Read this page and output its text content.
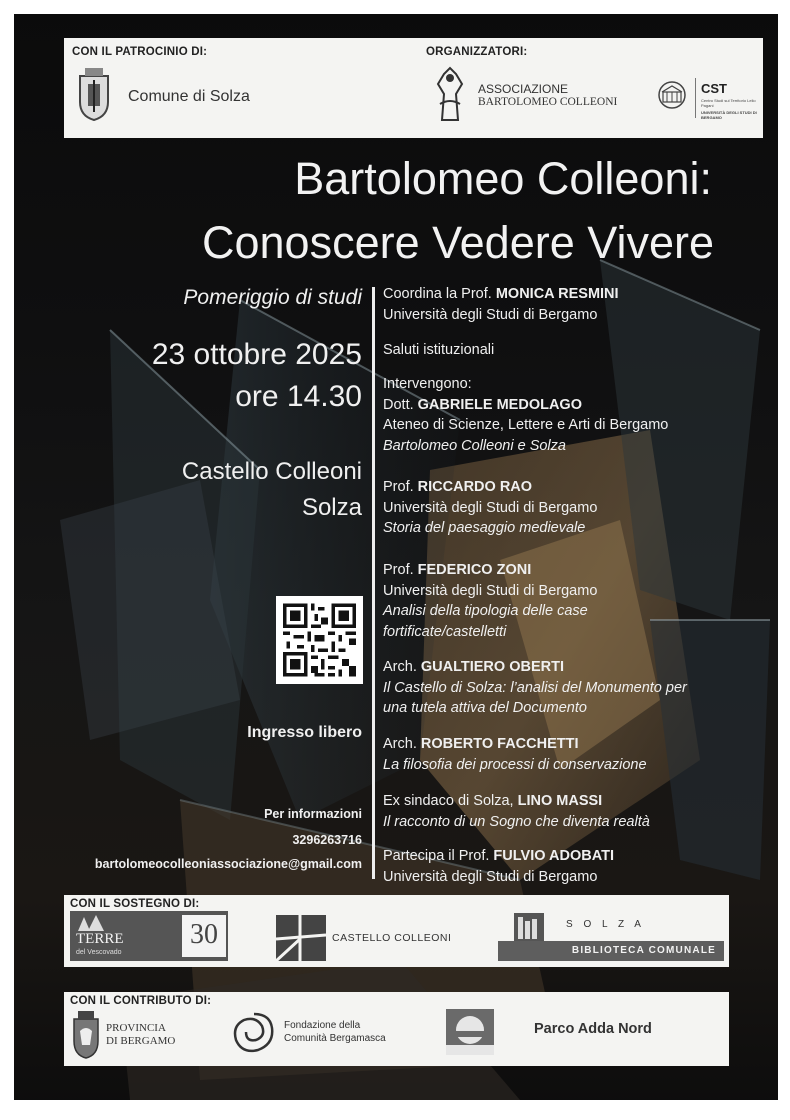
CON IL PATROCINIO DI:
Comune di Solza
ORGANIZZATORI:
ASSOCIAZIONE
BARTOLOMEO COLLEONI
CST
Centro Studi sul Territorio Lelio Pagani
UNIVERSITÀ DEGLI STUDI DI BERGAMO
Bartolomeo Colleoni:
Conoscere Vedere Vivere
Pomeriggio di studi
23 ottobre 2025
ore 14.30
Castello Colleoni
Solza
Ingresso libero
Per informazioni
3296263716
bartolomeocolleoniassociazione@gmail.com
Coordina la Prof. MONICA RESMINI
Università degli Studi di Bergamo
Saluti istituzionali
Intervengono:
Dott. GABRIELE MEDOLAGO
Ateneo di Scienze, Lettere e Arti di Bergamo
Bartolomeo Colleoni e Solza
Prof. RICCARDO RAO
Università degli Studi di Bergamo
Storia del paesaggio medievale
Prof. FEDERICO ZONI
Università degli Studi di Bergamo
Analisi della tipologia delle case
fortificate/castelletti
Arch. GUALTIERO OBERTI
Il Castello di Solza: l’analisi del Monumento per
una tutela attiva del Documento
Arch. ROBERTO FACCHETTI
La filosofia dei processi di conservazione
Ex sindaco di Solza, LINO MASSI
Il racconto di un Sogno che diventa realtà
Partecipa il Prof. FULVIO ADOBATI
Università degli Studi di Bergamo
CON IL SOSTEGNO DI:
TERRE
del Vescovado
30	CASTELLO COLLEONI
S O L Z A
BIBLIOTECA COMUNALE
CON IL CONTRIBUTO DI:
PROVINCIA
DI BERGAMO
Fondazione della
Comunità Bergamasca
Parco Adda Nord
